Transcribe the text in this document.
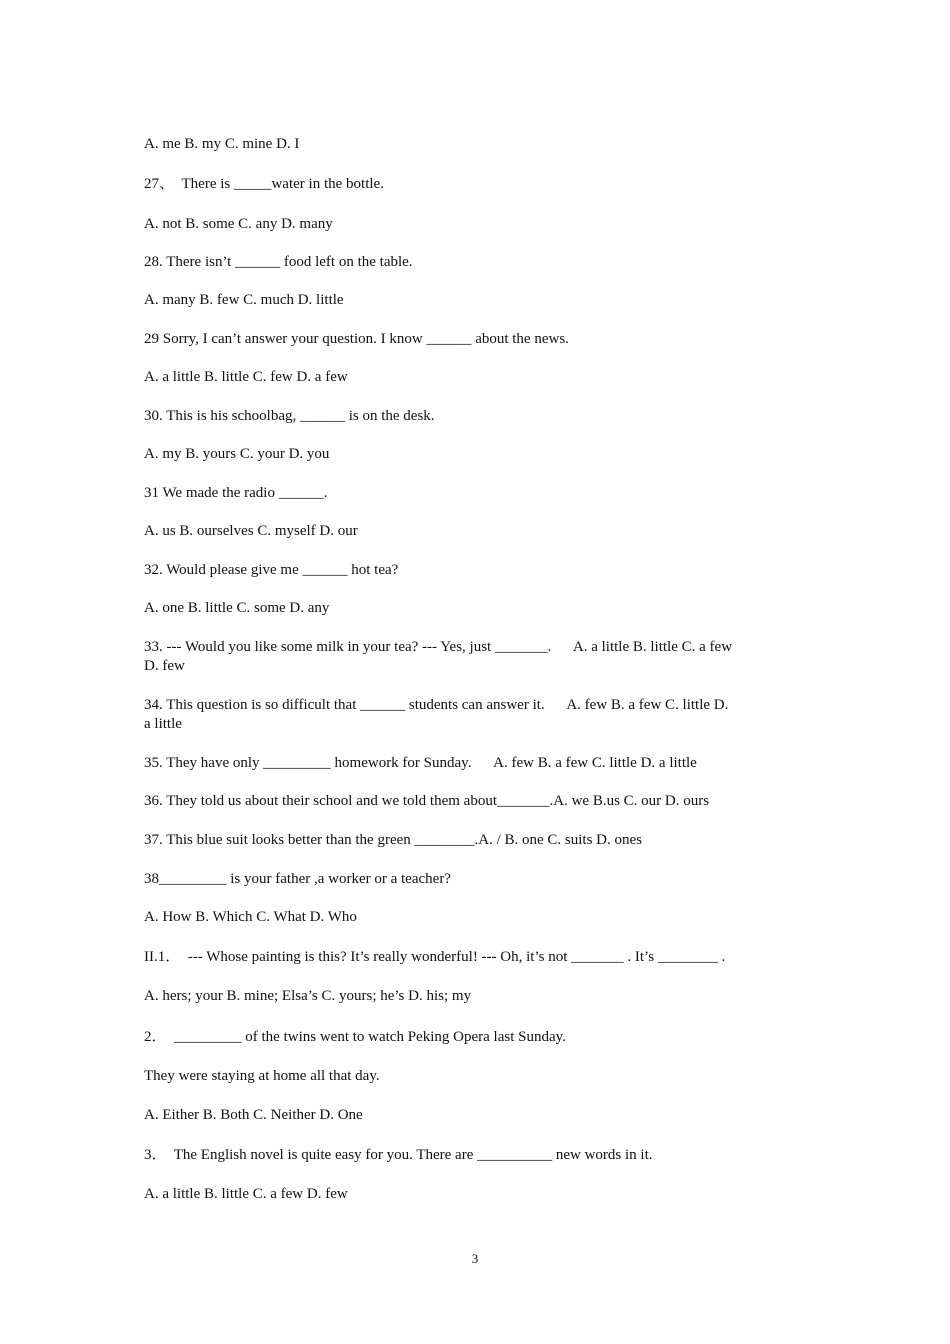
A. me B. my C. mine D. I
27、  There is _____water in the bottle.
A. not B. some C. any D. many
28. There isn’t ______ food left on the table.
A. many B. few C. much D. little
29 Sorry, I can’t answer your question. I know ______ about the news.
A. a little B. little C. few D. a few
30. This is his schoolbag, ______ is on the desk.
A. my B. yours C. your D. you
31 We made the radio ______.
A. us B. ourselves C. myself D. our
32. Would please give me ______ hot tea?
A. one B. little C. some D. any
33. --- Would you like some milk in your tea? --- Yes, just _______.      A. a little B. little C. a few
D. few
34. This question is so difficult that ______ students can answer it.      A. few B. a few C. little D.
a little
35. They have only _________ homework for Sunday.      A. few B. a few C. little D. a little
36. They told us about their school and we told them about_______.A. we B.us C. our D. ours
37. This blue suit looks better than the green ________.A. / B. one C. suits D. ones
38_________ is your father ,a worker or a teacher?
A. How B. Which C. What D. Who
II.1．  --- Whose painting is this? It’s really wonderful! --- Oh, it’s not _______ . It’s ________ .
A. hers; your B. mine; Elsa’s C. yours; he’s D. his; my
2．  _________ of the twins went to watch Peking Opera last Sunday.
They were staying at home all that day.
A. Either B. Both C. Neither D. One
3．  The English novel is quite easy for you. There are __________ new words in it.
A. a little B. little C. a few D. few
3
